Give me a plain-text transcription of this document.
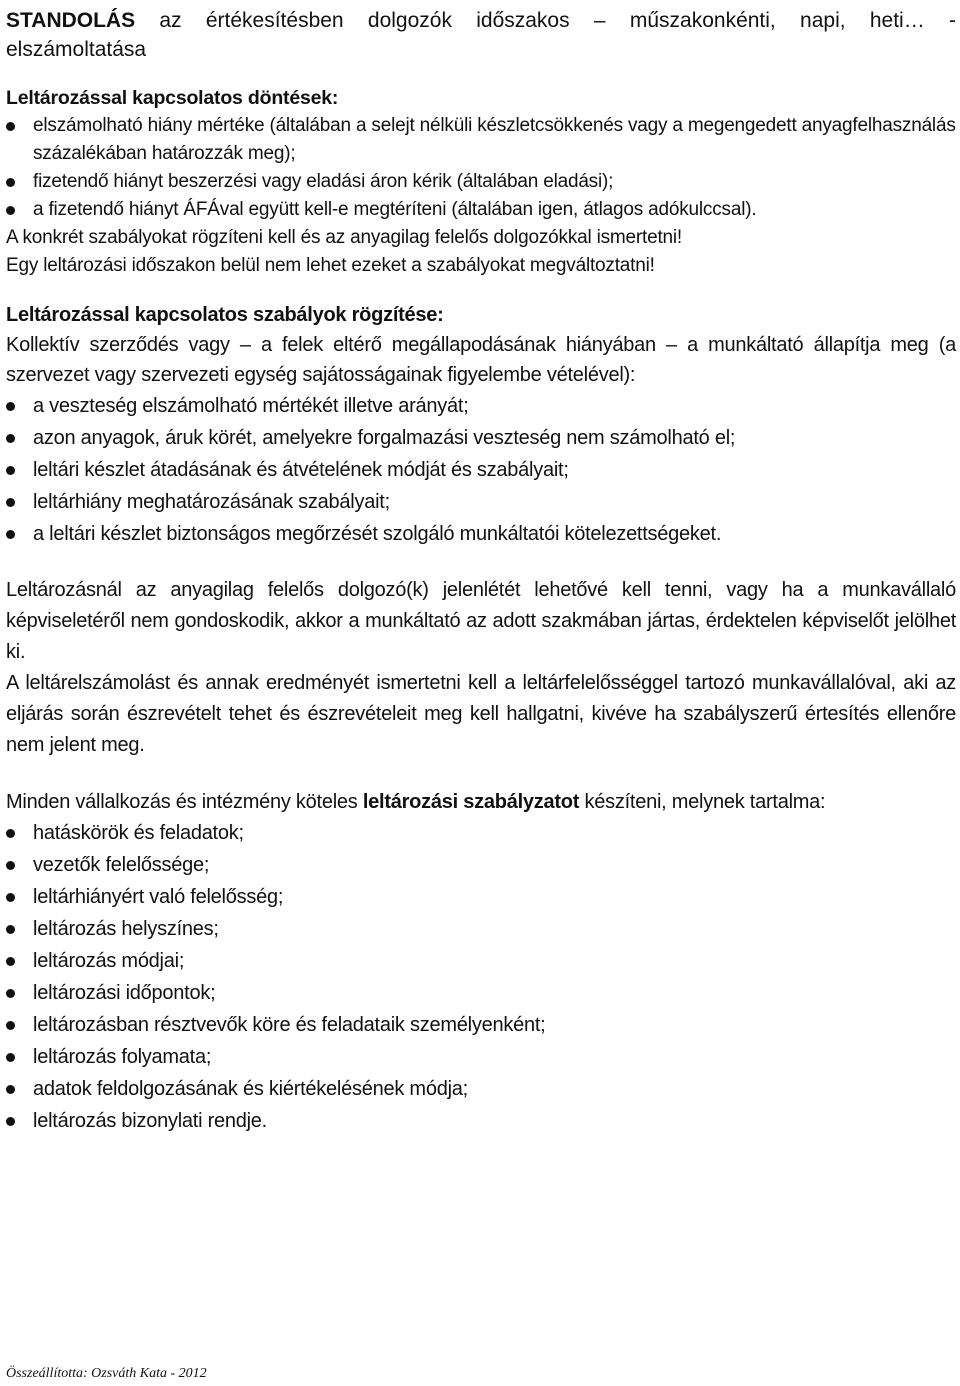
STANDOLÁS az értékesítésben dolgozók időszakos – műszakonkénti, napi, heti… -
elszámoltatása
Leltározással kapcsolatos döntések:
elszámolható hiány mértéke (általában a selejt nélküli készletcsökkenés vagy a megengedett anyagfelhasználás százalékában határozzák meg);
fizetendő hiányt beszerzési vagy eladási áron kérik (általában eladási);
a fizetendő hiányt ÁFÁval együtt kell-e megtéríteni (általában igen, átlagos adókulccsal).
A konkrét szabályokat rögzíteni kell és az anyagilag felelős dolgozókkal ismertetni!
Egy leltározási időszakon belül nem lehet ezeket a szabályokat megváltoztatni!
Leltározással kapcsolatos szabályok rögzítése:
Kollektív szerződés vagy – a felek eltérő megállapodásának hiányában – a munkáltató állapítja meg (a szervezet vagy szervezeti egység sajátosságainak figyelembe vételével):
a veszteség elszámolható mértékét illetve arányát;
azon anyagok, áruk körét, amelyekre forgalmazási veszteség nem számolható el;
leltári készlet átadásának és átvételének módját és szabályait;
leltárhiány meghatározásának szabályait;
a leltári készlet biztonságos megőrzését szolgáló munkáltatói kötelezettségeket.
Leltározásnál az anyagilag felelős dolgozó(k) jelenlétét lehetővé kell tenni, vagy ha a munkavállaló képviseletéről nem gondoskodik, akkor a munkáltató az adott szakmában jártas, érdektelen képviselőt jelölhet ki.
A leltárelszámolást és annak eredményét ismertetni kell a leltárfelelősséggel tartozó munkavállalóval, aki az eljárás során észrevételt tehet és észrevételeit meg kell hallgatni, kivéve ha szabályszerű értesítés ellenőre nem jelent meg.
Minden vállalkozás és intézmény köteles leltározási szabályzatot készíteni, melynek tartalma:
hatáskörök és feladatok;
vezetők felelőssége;
leltárhiányért való felelősség;
leltározás helyszínes;
leltározás módjai;
leltározási időpontok;
leltározásban résztvevők köre és feladataik személyenként;
leltározás folyamata;
adatok feldolgozásának és kiértékelésének módja;
leltározás bizonylati rendje.
Összeállította: Ozsváth Kata - 2012
